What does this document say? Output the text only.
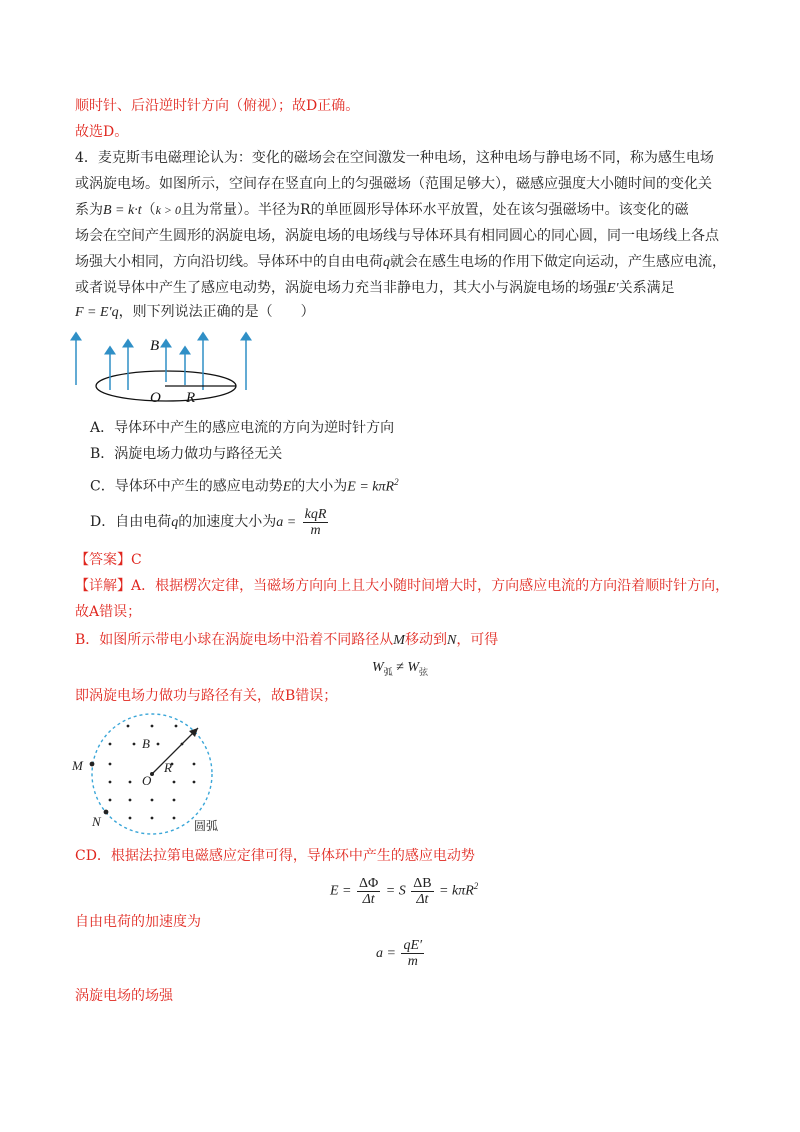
顺时针、后沿逆时针方向（俯视）；故D正确。
故选D。
4．麦克斯韦电磁理论认为：变化的磁场会在空间激发一种电场，这种电场与静电场不同，称为感生电场
或涡旋电场。如图所示，空间存在竖直向上的匀强磁场（范围足够大），磁感应强度大小随时间的变化关
系为B = k·t（k > 0且为常量）。半径为R的单匝圆形导体环水平放置，处在该匀强磁场中。该变化的磁
场会在空间产生圆形的涡旋电场，涡旋电场的电场线与导体环具有相同圆心的同心圆，同一电场线上各点
场强大小相同，方向沿切线。导体环中的自由电荷q就会在感生电场的作用下做定向运动，产生感应电流，
或者说导体中产生了感应电动势，涡旋电场力充当非静电力，其大小与涡旋电场的场强E′关系满足
F = E′q，则下列说法正确的是（　　）
B
O R
A．导体环中产生的感应电流的方向为逆时针方向
B．涡旋电场力做功与路径无关
C．导体环中产生的感应电动势E的大小为E = kπR$^2$
D．自由电荷q的加速度大小为$a = \frac{\text{kqR}}{m}$
【答案】C
【详解】A．根据楞次定律，当磁场方向向上且大小随时间增大时，方向感应电流的方向沿着顺时针方向，
故A错误；
B．如图所示带电小球在涡旋电场中沿着不同路径从M移动到N，可得
$W_弧 \ne W_弦$
即涡旋电场力做功与路径有关，故B错误；
B
O
R
M
N	圆弧
CD．根据法拉第电磁感应定律可得，导体环中产生的感应电动势
$E = \frac{\Delta\Phi}{\Delta t} = S \frac{\Delta B}{\Delta t} = k\pi R^2$
自由电荷的加速度为
$a = \frac{qE'}{m}$
涡旋电场的场强
